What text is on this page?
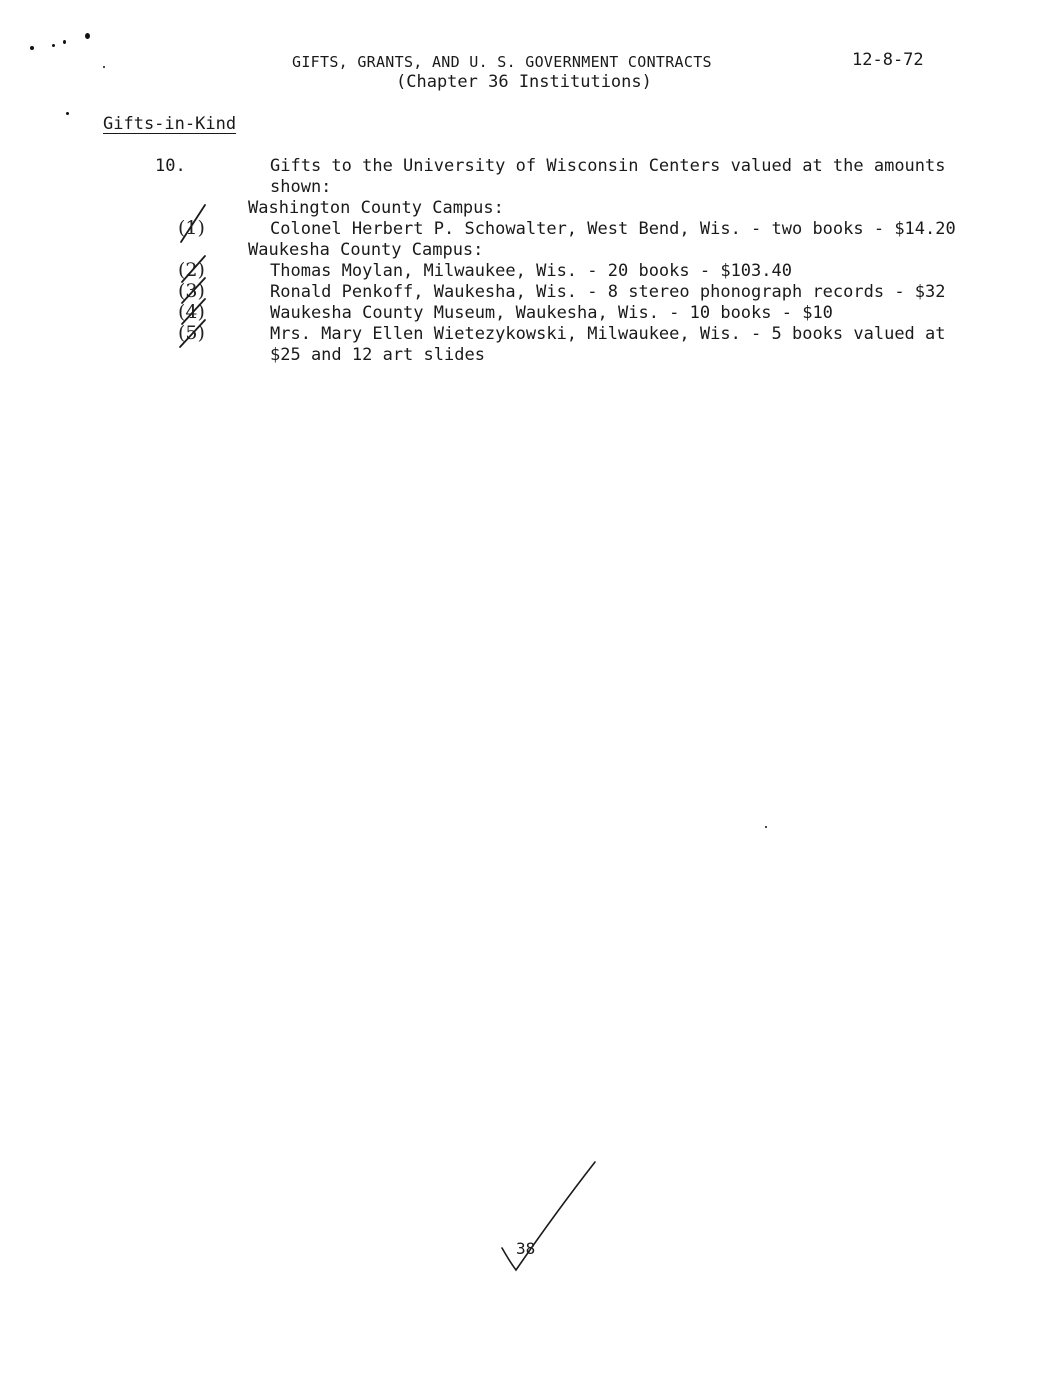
GIFTS, GRANTS, AND U. S. GOVERNMENT CONTRACTS
(Chapter 36 Institutions)
12-8-72
Gifts-in-Kind
10.	Gifts to the University of Wisconsin Centers valued at the amounts
shown:
Washington County Campus:
(1)	Colonel Herbert P. Schowalter, West Bend, Wis. - two books - $14.20
Waukesha County Campus:
(2)	Thomas Moylan, Milwaukee, Wis. - 20 books - $103.40
(3)	Ronald Penkoff, Waukesha, Wis. - 8 stereo phonograph records - $32
(4)	Waukesha County Museum, Waukesha, Wis. - 10 books - $10
(5)	Mrs. Mary Ellen Wietezykowski, Milwaukee, Wis. - 5 books valued at
$25 and 12 art slides
38
